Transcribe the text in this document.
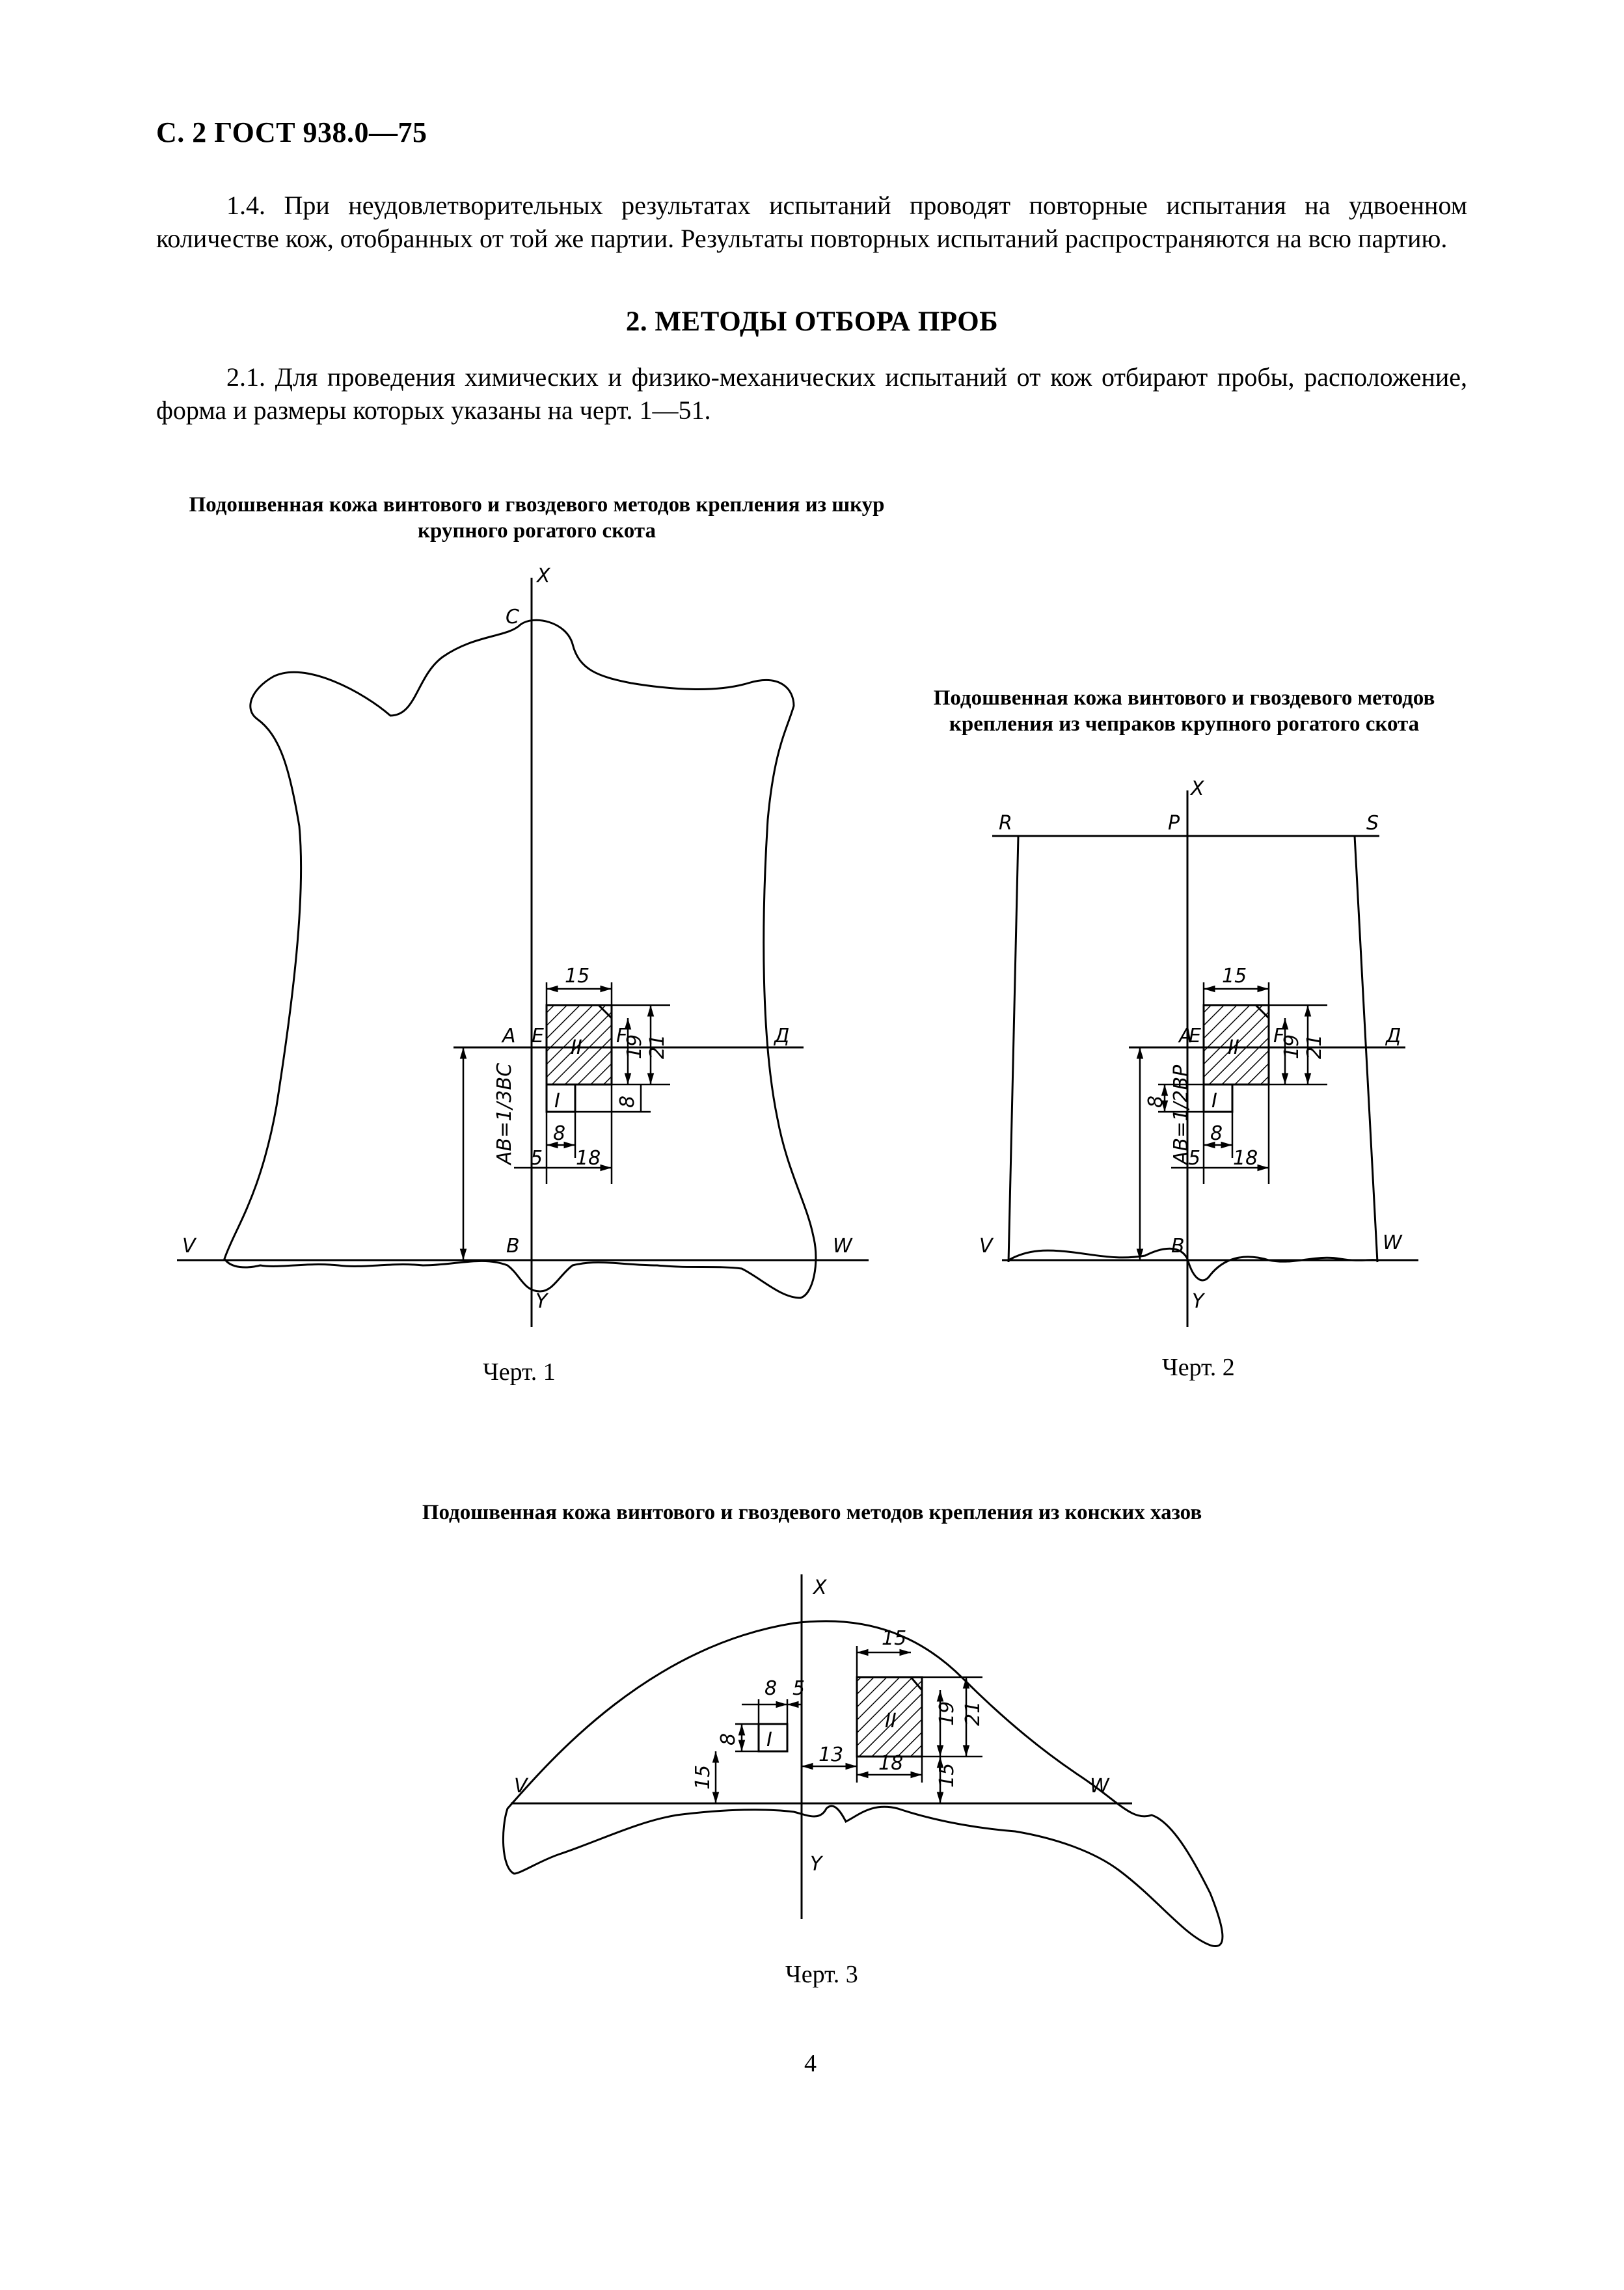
С. 2 ГОСТ 938.0—75

1.4. При неудовлетворительных результатах испытаний проводят повторные испытания на удвоенном количестве кож, отобранных от той же партии. Результаты повторных испытаний распространяются на всю партию.

2. МЕТОДЫ ОТБОРА ПРОБ

2.1. Для проведения химических и физико-механических испытаний от кож отбирают пробы, расположение, форма и размеры которых указаны на черт. 1—51.

Подошвенная кожа винтового и гвоздевого методов крепления из шкур крупного рогатого скота
Подошвенная кожа винтового и гвоздевого методов крепления из чепраков крупного рогатого скота
Подошвенная кожа винтового и гвоздевого методов крепления из конских хазов
X
C
A E	F	Д
V	B	W
Y
I
II
15
19 21
8
8
5 18
AB=1/3BC
R	P	S
X
A
E	F	Д
V	B	W
Y
I
II
15
19 21
8
8
5 18
AB=1/2BP
X
V	W
Y
I
II
15
8 5
8
15
13 18
19 21
15
Черт. 1	Черт. 2
Черт. 3
4
